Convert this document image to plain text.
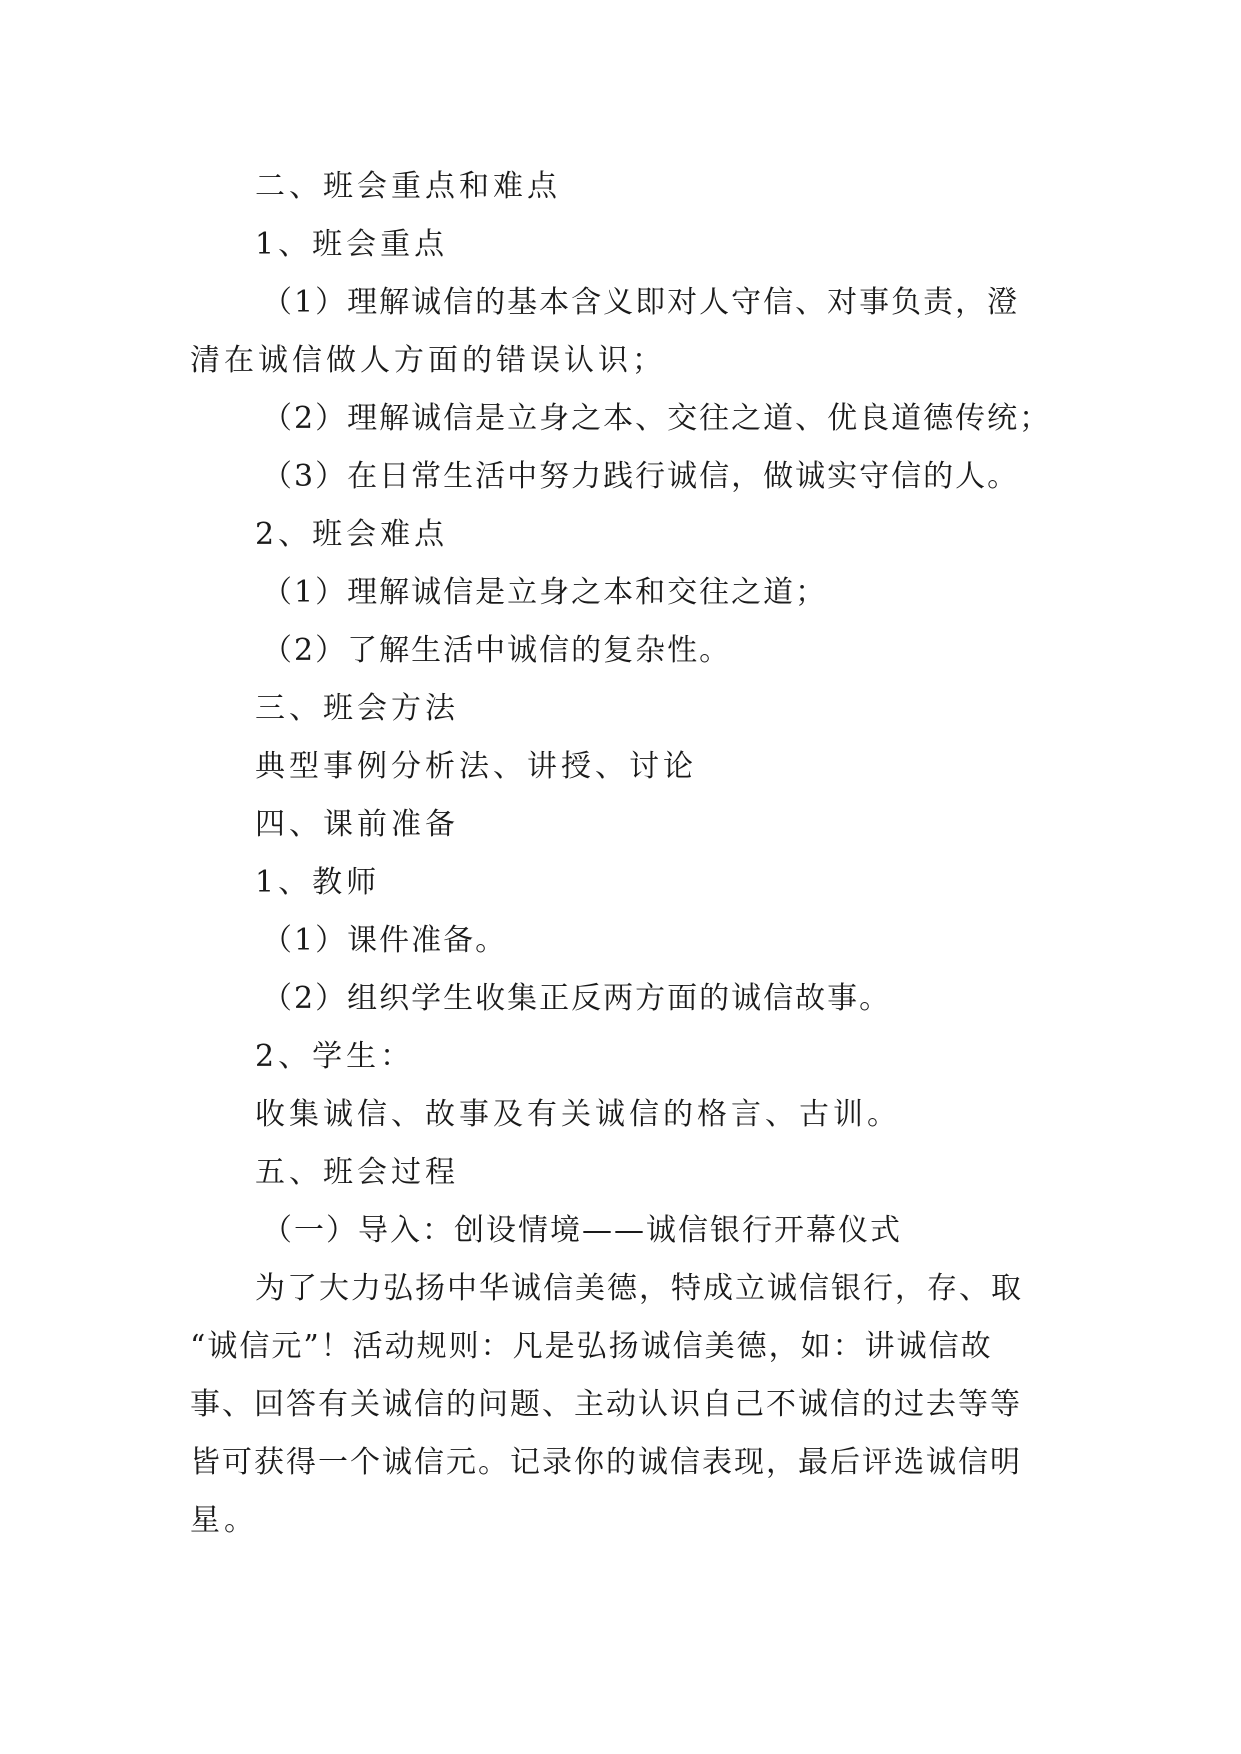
二、班会重点和难点
1、班会重点
（1）理解诚信的基本含义即对人守信、对事负责，澄
清在诚信做人方面的错误认识；
（2）理解诚信是立身之本、交往之道、优良道德传统；
（3）在日常生活中努力践行诚信，做诚实守信的人。
2、班会难点
（1）理解诚信是立身之本和交往之道；
（2）了解生活中诚信的复杂性。
三、班会方法
典型事例分析法、讲授、讨论
四、课前准备
1、教师
（1）课件准备。
（2）组织学生收集正反两方面的诚信故事。
2、学生：
收集诚信、故事及有关诚信的格言、古训。
五、班会过程
（一）导入：创设情境——诚信银行开幕仪式
为了大力弘扬中华诚信美德，特成立诚信银行，存、取
“诚信元”！活动规则：凡是弘扬诚信美德，如：讲诚信故
事、回答有关诚信的问题、主动认识自己不诚信的过去等等
皆可获得一个诚信元。记录你的诚信表现，最后评选诚信明
星。
